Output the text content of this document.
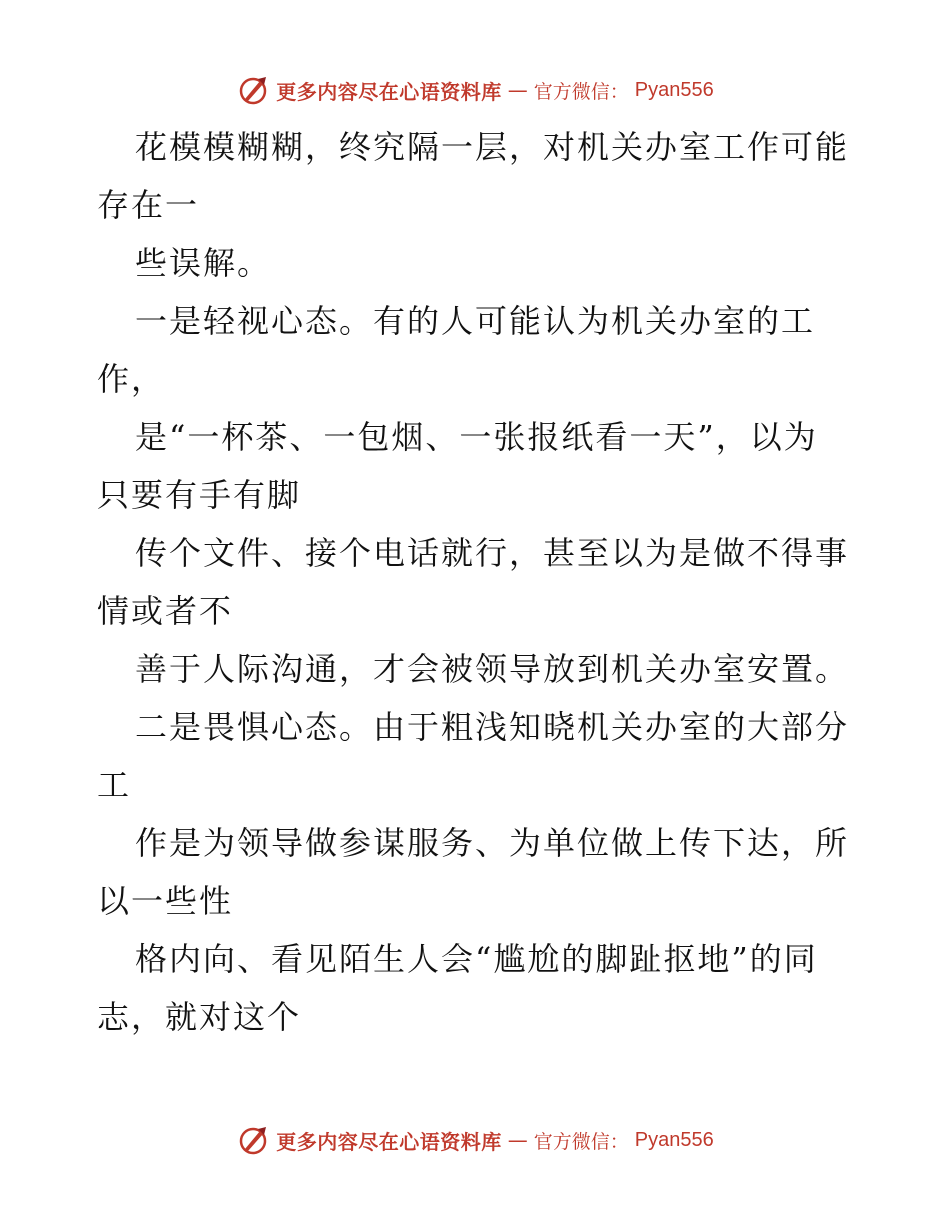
更多内容尽在心语资料库 — 官方微信： Pyan556
花模模糊糊，终究隔一层，对机关办室工作可能
存在一
些误解。
一是轻视心态。有的人可能认为机关办室的工
作，
是“一杯茶、一包烟、一张报纸看一天”，以为
只要有手有脚
传个文件、接个电话就行，甚至以为是做不得事
情或者不
善于人际沟通，才会被领导放到机关办室安置。
二是畏惧心态。由于粗浅知晓机关办室的大部分
工
作是为领导做参谋服务、为单位做上传下达，所
以一些性
格内向、看见陌生人会“尴尬的脚趾抠地”的同
志，就对这个
更多内容尽在心语资料库 — 官方微信： Pyan556
